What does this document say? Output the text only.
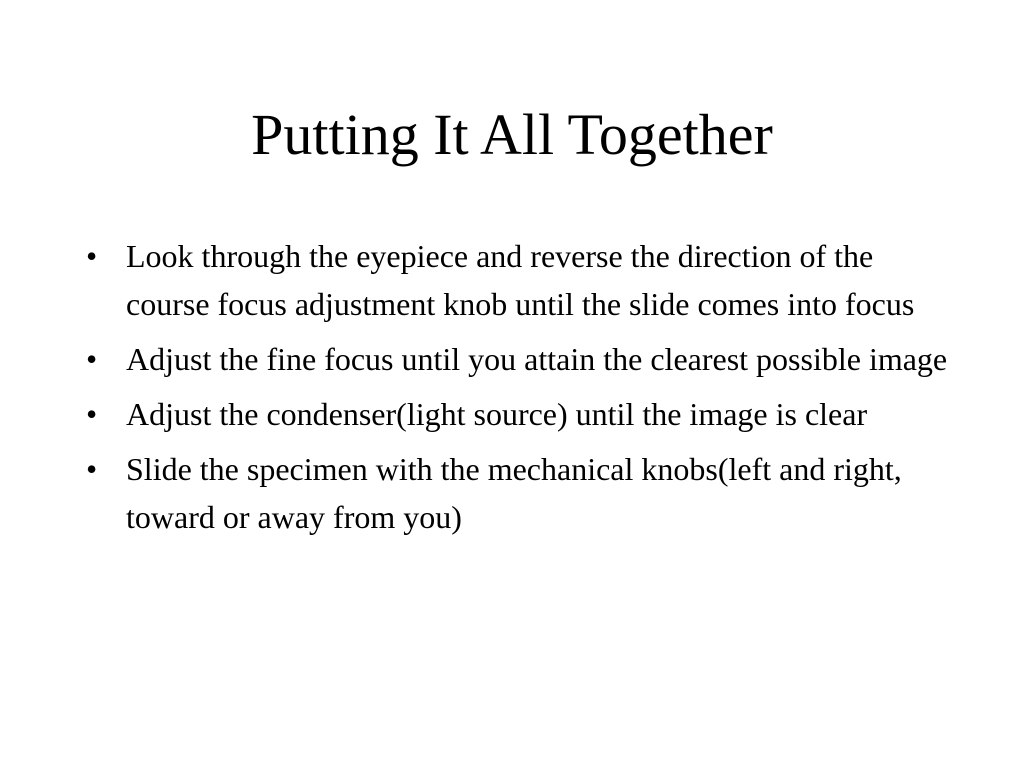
Putting It All Together
• Look through the eyepiece and reverse the direction of the course focus adjustment knob until the slide comes into focus
• Adjust the fine focus until you attain the clearest possible image
• Adjust the condenser(light source) until the image is clear
• Slide the specimen with the mechanical knobs(left and right, toward or away from you)
